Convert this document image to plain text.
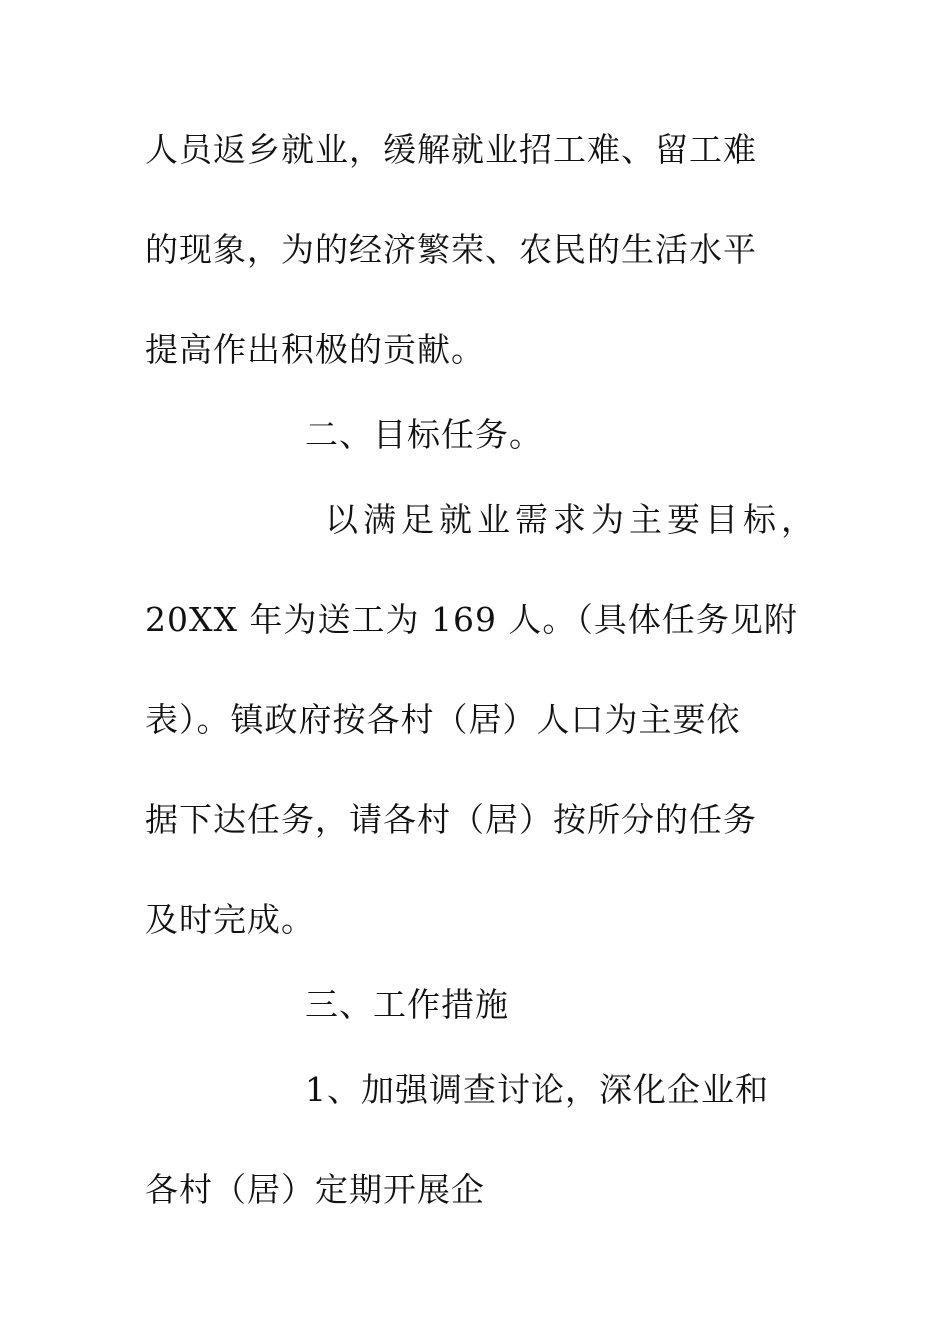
人员返乡就业，缓解就业招工难、留工难
的现象，为的经济繁荣、农民的生活水平
提高作出积极的贡献。
二、目标任务。
以满足就业需求为主要目标，
20XX 年为送工为 169 人。（具体任务见附
表）。镇政府按各村（居）人口为主要依
据下达任务，请各村（居）按所分的任务
及时完成。
三、工作措施
1、加强调查讨论，深化企业和
各村（居）定期开展企
